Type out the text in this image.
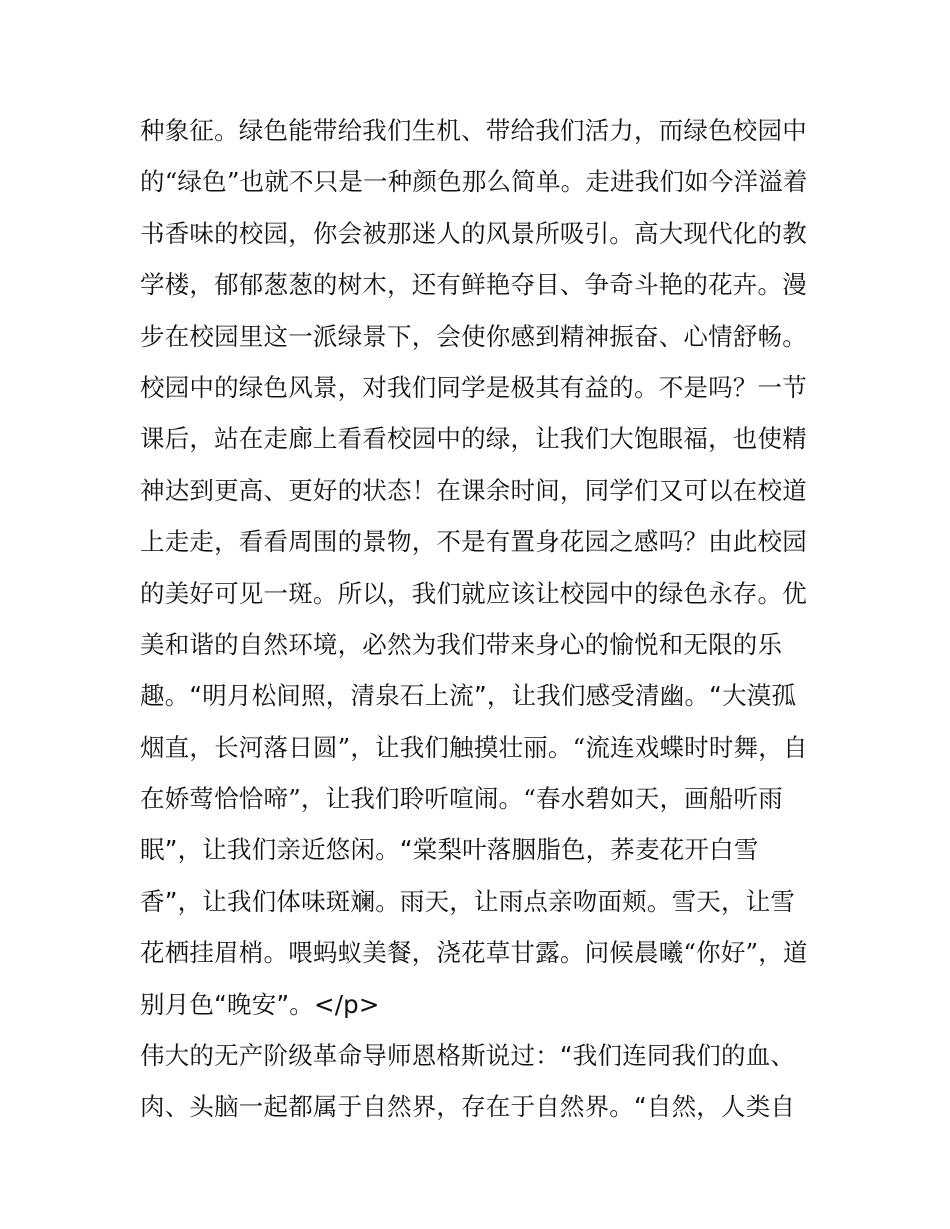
种象征。绿色能带给我们生机、带给我们活力，而绿色校园中
的“绿色”也就不只是一种颜色那么简单。走进我们如今洋溢着
书香味的校园，你会被那迷人的风景所吸引。高大现代化的教
学楼，郁郁葱葱的树木，还有鲜艳夺目、争奇斗艳的花卉。漫
步在校园里这一派绿景下，会使你感到精神振奋、心情舒畅。
校园中的绿色风景，对我们同学是极其有益的。不是吗？一节
课后，站在走廊上看看校园中的绿，让我们大饱眼福，也使精
神达到更高、更好的状态！在课余时间，同学们又可以在校道
上走走，看看周围的景物，不是有置身花园之感吗？由此校园
的美好可见一斑。所以，我们就应该让校园中的绿色永存。优
美和谐的自然环境，必然为我们带来身心的愉悦和无限的乐
趣。“明月松间照，清泉石上流”，让我们感受清幽。“大漠孤
烟直，长河落日圆”，让我们触摸壮丽。“流连戏蝶时时舞，自
在娇莺恰恰啼”，让我们聆听喧闹。“春水碧如天，画船听雨
眠”，让我们亲近悠闲。“棠梨叶落胭脂色，荞麦花开白雪
香”，让我们体味斑斓。雨天，让雨点亲吻面颊。雪天，让雪
花栖挂眉梢。喂蚂蚁美餐，浇花草甘露。问候晨曦“你好”，道
别月色“晚安”。</p>
伟大的无产阶级革命导师恩格斯说过：“我们连同我们的血、
肉、头脑一起都属于自然界，存在于自然界。“自然，人类自
